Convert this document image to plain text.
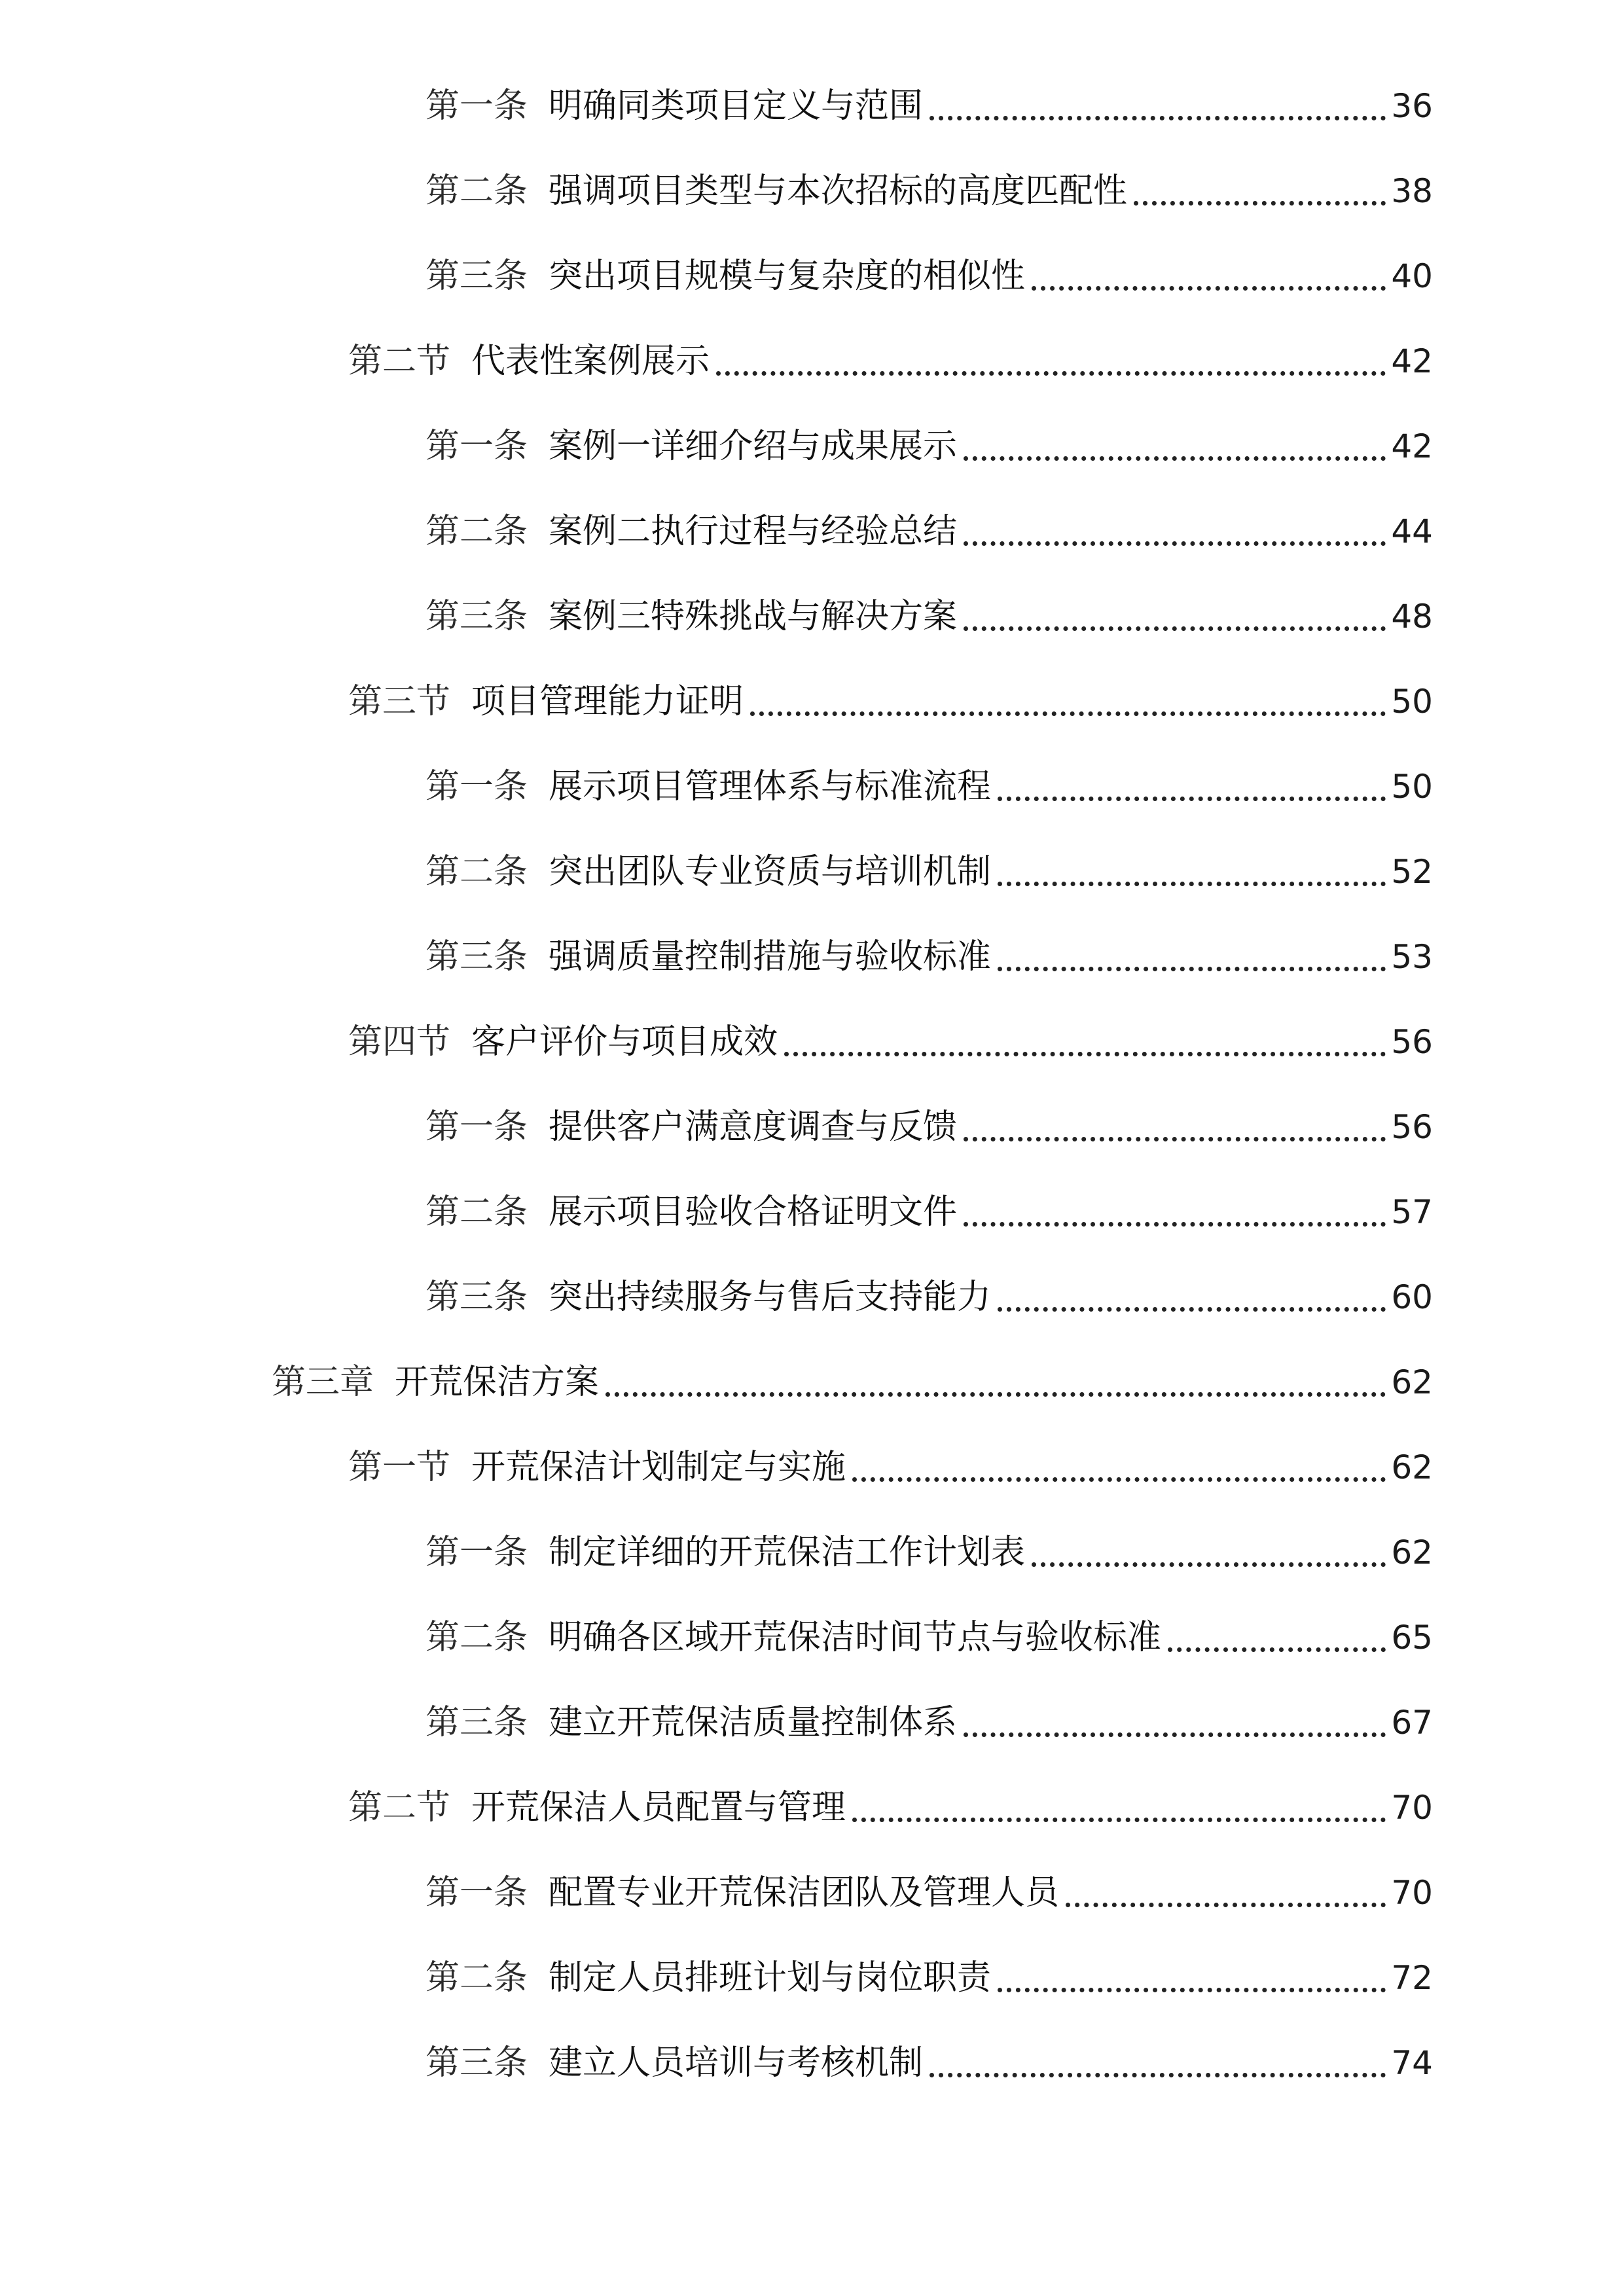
第一条 明确同类项目定义与范围	36
第二条 强调项目类型与本次招标的高度匹配性	38
第三条 突出项目规模与复杂度的相似性	40
第二节 代表性案例展示	42
第一条 案例一详细介绍与成果展示	42
第二条 案例二执行过程与经验总结	44
第三条 案例三特殊挑战与解决方案	48
第三节 项目管理能力证明	50
第一条 展示项目管理体系与标准流程	50
第二条 突出团队专业资质与培训机制	52
第三条 强调质量控制措施与验收标准	53
第四节 客户评价与项目成效	56
第一条 提供客户满意度调查与反馈	56
第二条 展示项目验收合格证明文件	57
第三条 突出持续服务与售后支持能力	60
第三章 开荒保洁方案	62
第一节 开荒保洁计划制定与实施	62
第一条 制定详细的开荒保洁工作计划表	62
第二条 明确各区域开荒保洁时间节点与验收标准	65
第三条 建立开荒保洁质量控制体系	67
第二节 开荒保洁人员配置与管理	70
第一条 配置专业开荒保洁团队及管理人员	70
第二条 制定人员排班计划与岗位职责	72
第三条 建立人员培训与考核机制	74
